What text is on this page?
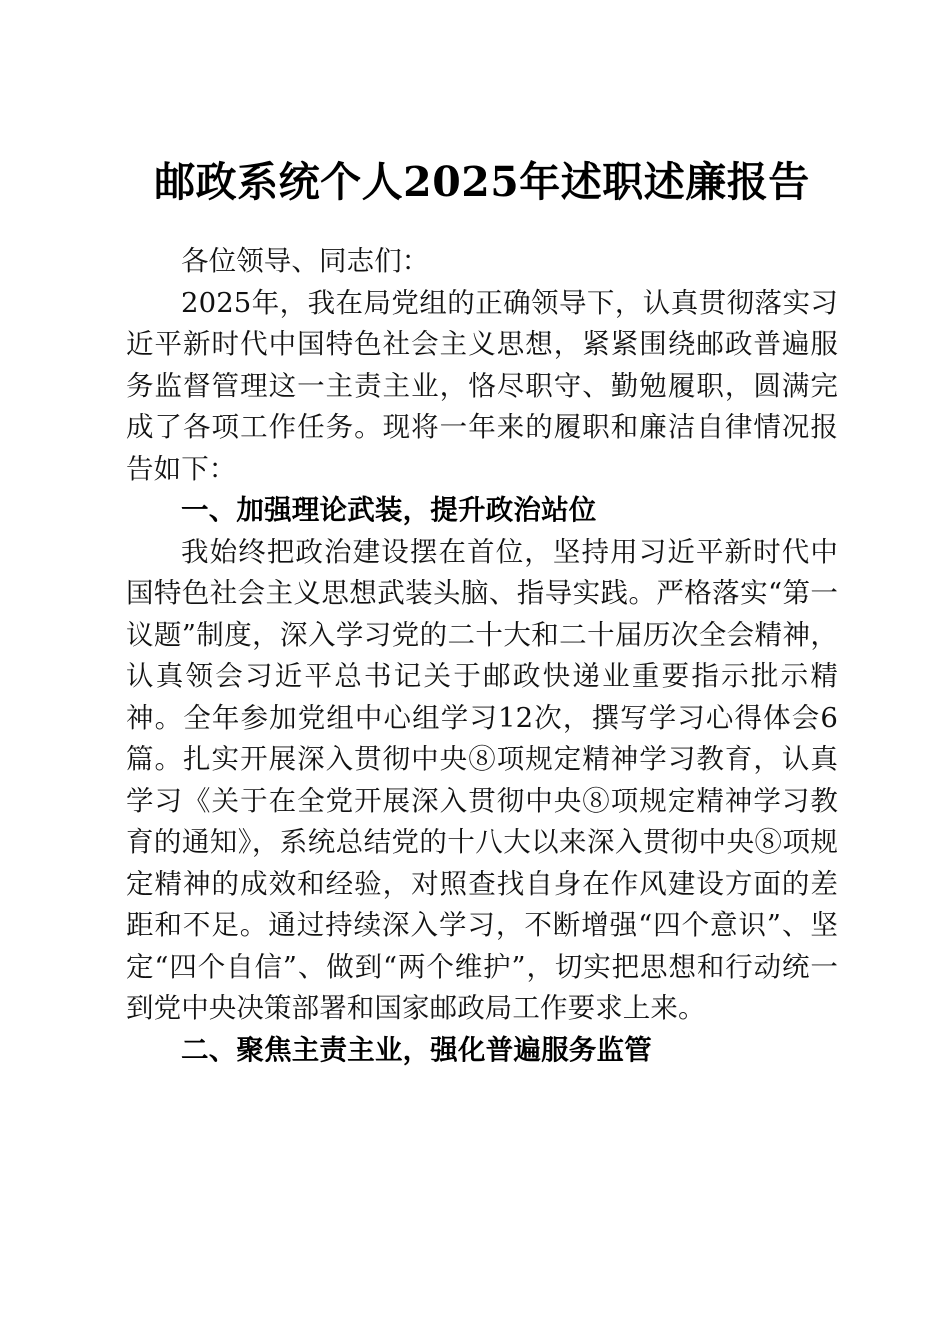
邮政系统个人2025年述职述廉报告

各位领导、同志们：

2025年，我在局党组的正确领导下，认真贯彻落实习近平新时代中国特色社会主义思想，紧紧围绕邮政普遍服务监督管理这一主责主业，恪尽职守、勤勉履职，圆满完成了各项工作任务。现将一年来的履职和廉洁自律情况报告如下：

一、加强理论武装，提升政治站位

我始终把政治建设摆在首位，坚持用习近平新时代中国特色社会主义思想武装头脑、指导实践。严格落实“第一议题”制度，深入学习党的二十大和二十届历次全会精神，认真领会习近平总书记关于邮政快递业重要指示批示精神。全年参加党组中心组学习12次，撰写学习心得体会6篇。扎实开展深入贯彻中央⑧项规定精神学习教育，认真学习《关于在全党开展深入贯彻中央⑧项规定精神学习教育的通知》，系统总结党的十八大以来深入贯彻中央⑧项规定精神的成效和经验，对照查找自身在作风建设方面的差距和不足。通过持续深入学习，不断增强“四个意识”、坚定“四个自信”、做到“两个维护”，切实把思想和行动统一到党中央决策部署和国家邮政局工作要求上来。

二、聚焦主责主业，强化普遍服务监管
